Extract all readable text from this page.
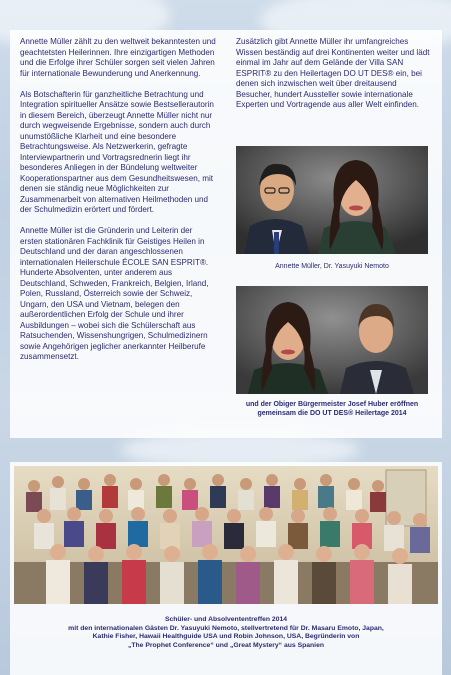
Annette Müller zählt zu den weltweit bekanntesten und geachtetsten Heilerinnen. Ihre einzigartigen Methoden und die Erfolge ihrer Schüler sorgen seit vielen Jahren für internationale Bewunderung und Anerkennung.

Als Botschafterin für ganzheitliche Betrachtung und Integration spiritueller Ansätze sowie Bestsellerautorin in diesem Bereich, überzeugt Annette Müller nicht nur durch wegweisende Ergebnisse, sondern auch durch unumstößliche Klarheit und eine besondere Betrachtungsweise. Als Netzwerkerin, gefragte Interviewpartnerin und Vortragsrednerin liegt ihr besonderes Anliegen in der Bündelung weltweiter Kooperationspartner aus dem Gesundheitswesen, mit denen sie ständig neue Möglichkeiten zur Zusammenarbeit von alternativen Heilmethoden und der Schulmedizin erörtert und fördert.

Annette Müller ist die Gründerin und Leiterin der ersten stationären Fachklinik für Geistiges Heilen in Deutschland und der daran angeschlossenen internationalen Heilerschule ÉCOLE SAN ESPRIT®. Hunderte Absolventen, unter anderem aus Deutschland, Schweden, Frankreich, Belgien, Irland, Polen, Russland, Österreich sowie der Schweiz, Ungarn, den USA und Vietnam, belegen den außerordentlichen Erfolg der Schule und ihrer Ausbildungen – wobei sich die Schülerschaft aus Ratsuchenden, Wissenshungrigen, Schulmedizinern sowie Angehörigen jeglicher anerkannter Heilberufe zusammensetzt.

Zusätzlich gibt Annette Müller ihr umfangreiches Wissen beständig auf drei Kontinenten weiter und lädt einmal im Jahr auf dem Gelände der Villa SAN ESPRIT® zu den Heilertagen DO UT DES® ein, bei denen sich inzwischen weit über dreitausend Besucher, hundert Aussteller sowie internationale Experten und Vortragende aus aller Welt einfinden.

Annette Müller, Dr. Yasuyuki Nemoto
und der Obiger Bürgermeister Josef Huber eröffnen gemeinsam die DO UT DES® Heilertage 2014
Schüler- und Absolvententreffen 2014
mit den internationalen Gästen Dr. Yasuyuki Nemoto, stellvertretend für Dr. Masaru Emoto, Japan,
Kathie Fisher, Hawaii Healthguide USA und Robin Johnson, USA, Begründerin von
„The Prophet Conference“ und „Great Mystery“ aus Spanien
